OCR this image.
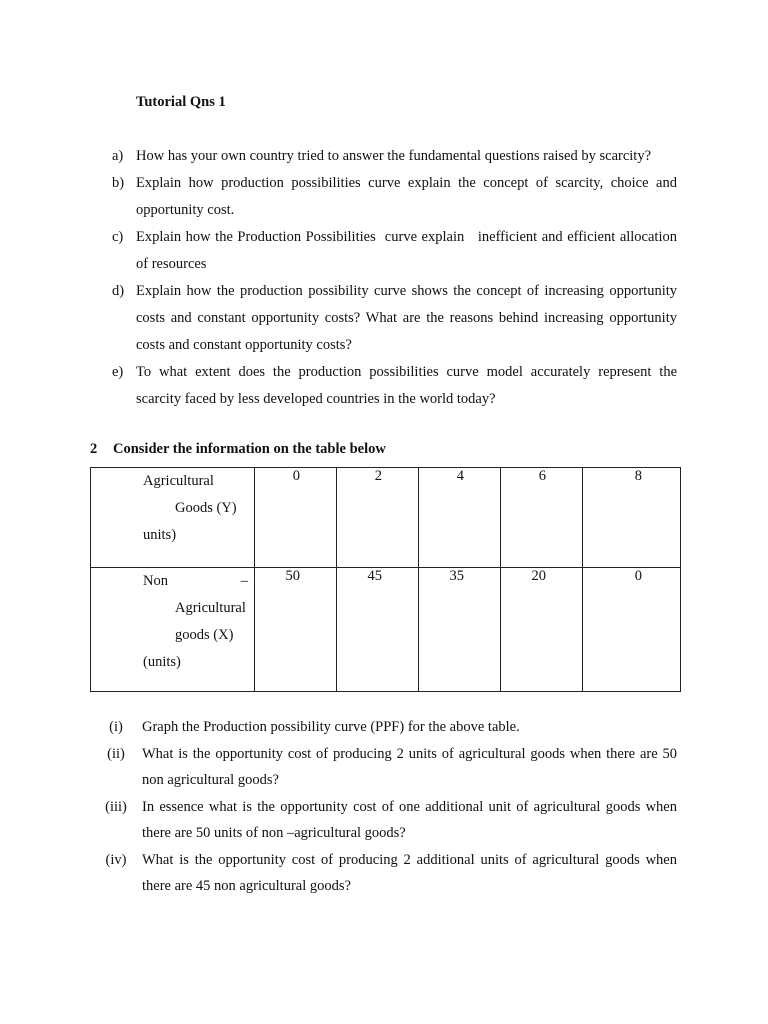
Tutorial Qns 1
a) How has your own country tried to answer the fundamental questions raised by scarcity?
b) Explain how production possibilities curve explain the concept of scarcity, choice and opportunity cost.
c) Explain how the Production Possibilities  curve explain   inefficient and efficient allocation of resources
d) Explain how the production possibility curve shows the concept of increasing opportunity costs and constant opportunity costs? What are the reasons behind increasing opportunity costs and constant opportunity costs?
e) To what extent does the production possibilities curve model accurately represent the scarcity faced by less developed countries in the world today?
2 Consider the information on the table below
Agricultural
Goods (Y)
units)	0	2	4	6	8

Non –
Agricultural
goods (X)
(units)	50	45	35	20	0
(i)	Graph the Production possibility curve (PPF) for the above table.
(ii)	What is the opportunity cost of producing 2 units of agricultural goods when there are 50 non agricultural goods?
(iii)	In essence what is the opportunity cost of one additional unit of agricultural goods when there are 50 units of non –agricultural goods?
(iv)	What is the opportunity cost of producing 2 additional units of agricultural goods when there are 45 non agricultural goods?
